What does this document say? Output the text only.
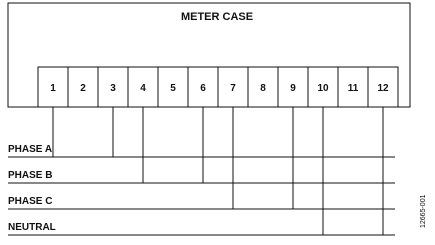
METER CASE
1 2 3 4 5 6 7 8 9 10 11 12
PHASE A
PHASE B
PHASE C
NEUTRAL	12665-001
